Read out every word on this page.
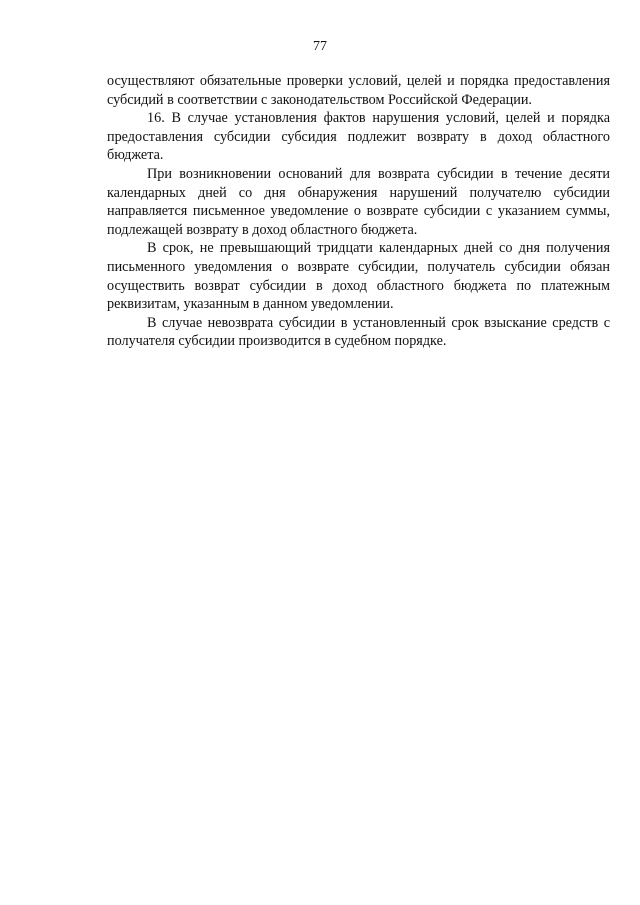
77

осуществляют обязательные проверки условий, целей и порядка предоставления субсидий в соответствии с законодательством Российской Федерации.

16. В случае установления фактов нарушения условий, целей и порядка предоставления субсидии субсидия подлежит возврату в доход областного бюджета.

При возникновении оснований для возврата субсидии в течение десяти календарных дней со дня обнаружения нарушений получателю субсидии направляется письменное уведомление о возврате субсидии с указанием суммы, подлежащей возврату в доход областного бюджета.

В срок, не превышающий тридцати календарных дней со дня получения письменного уведомления о возврате субсидии, получатель субсидии обязан осуществить возврат субсидии в доход областного бюджета по платежным реквизитам, указанным в данном уведомлении.

В случае невозврата субсидии в установленный срок взыскание средств с получателя субсидии производится в судебном порядке.
